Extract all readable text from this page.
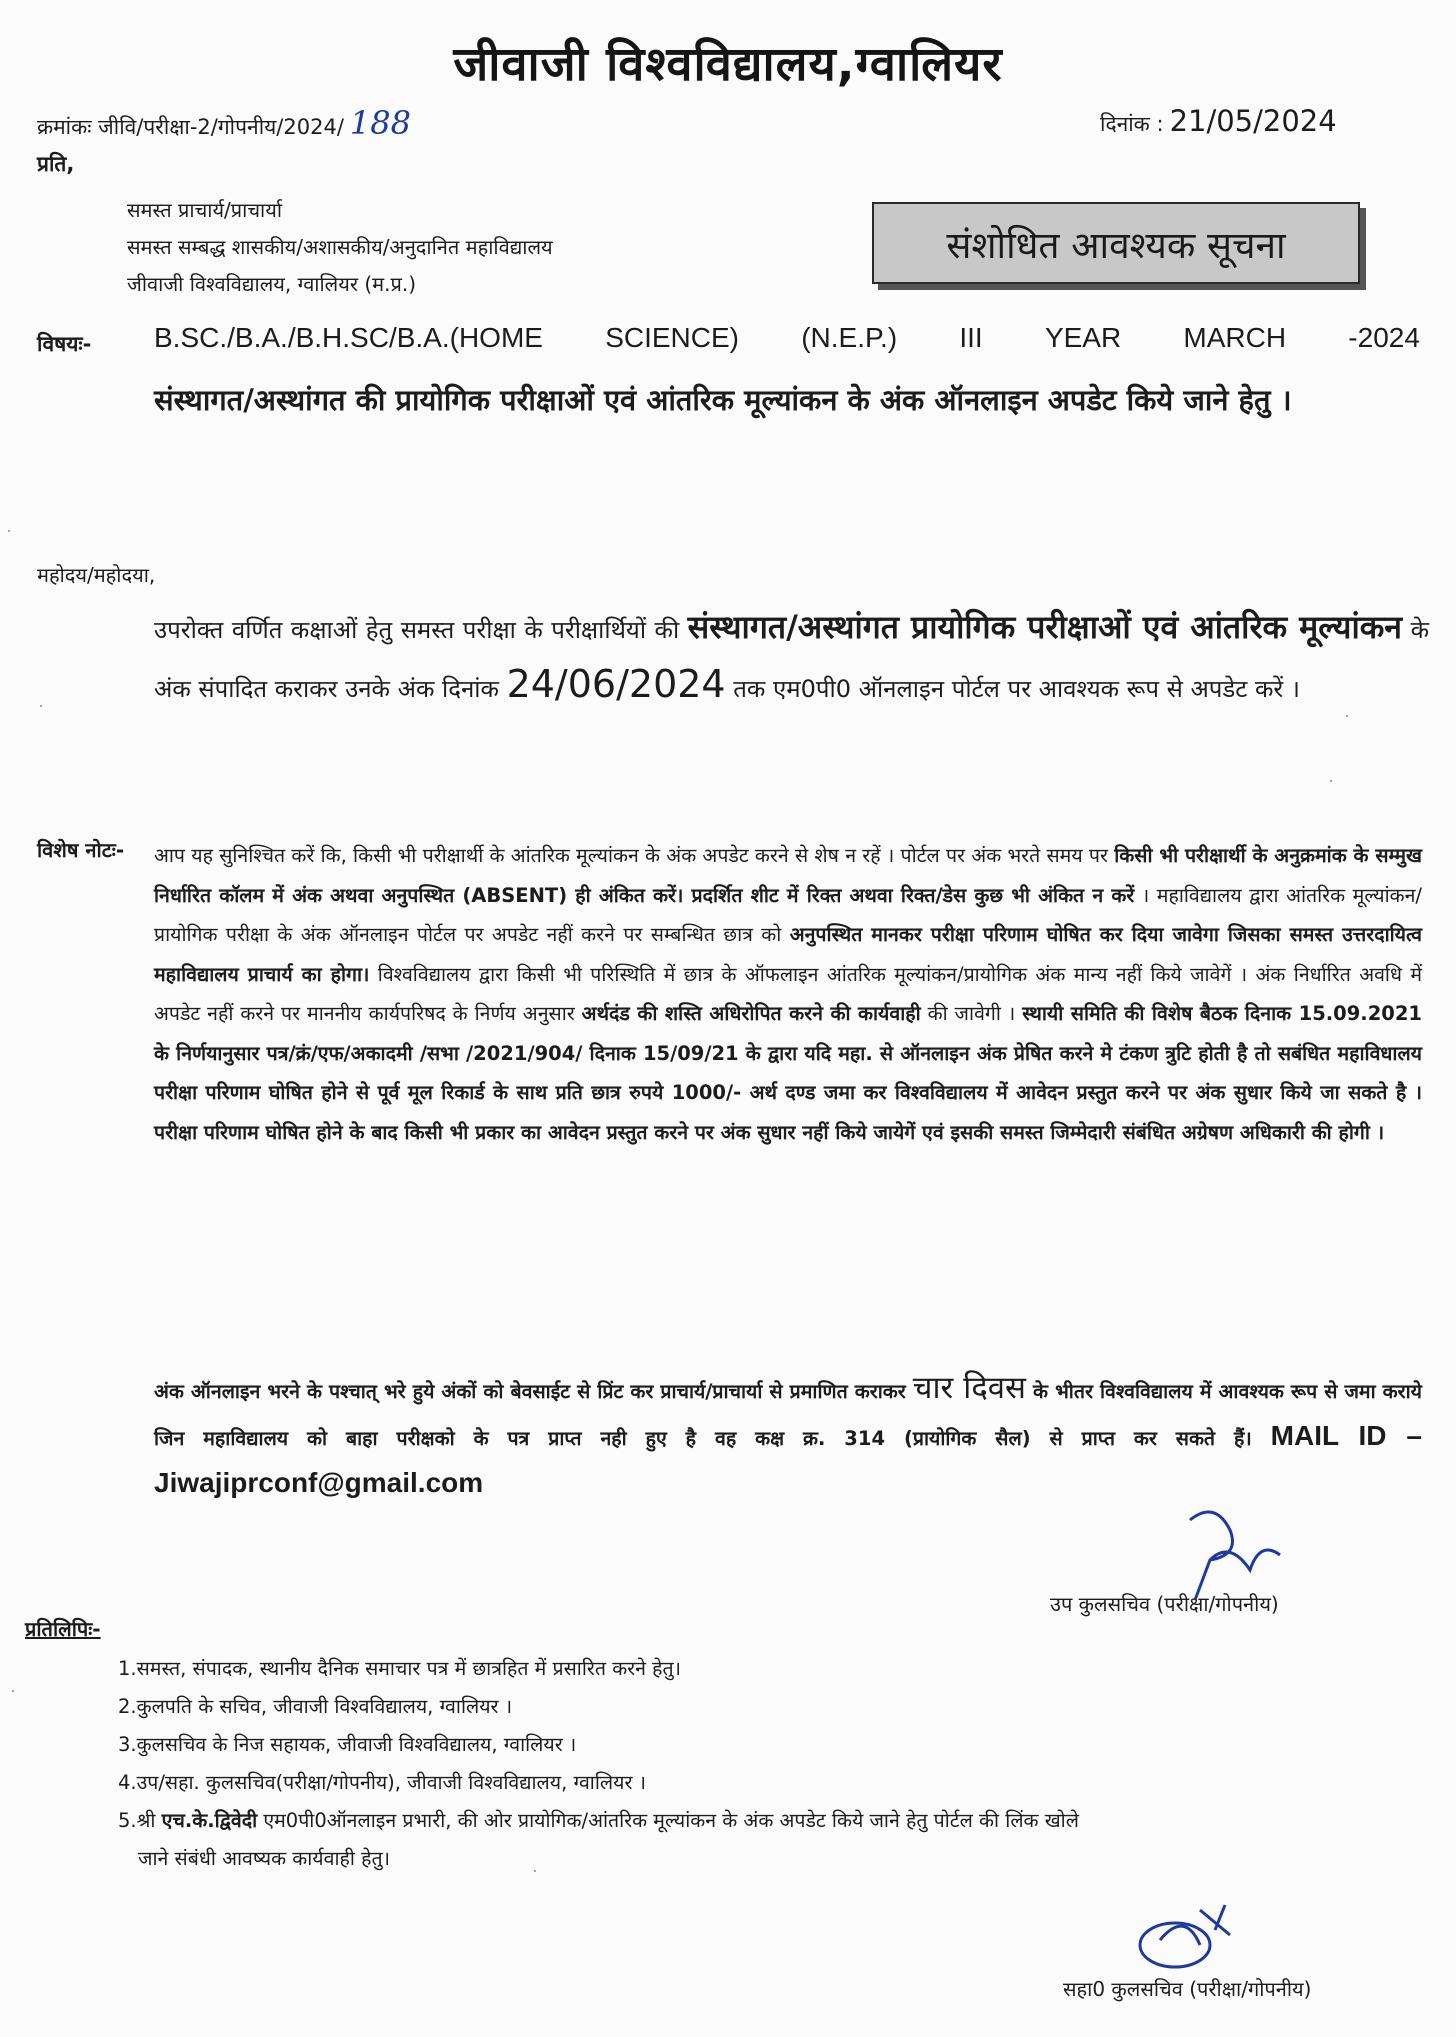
जीवाजी विश्वविद्यालय,ग्वालियर
क्रमांकः जीवि/परीक्षा-2/गोपनीय/2024/ 188	दिनांक : 21/05/2024
प्रति,
समस्त प्राचार्य/प्राचार्या
समस्त सम्बद्ध शासकीय/अशासकीय/अनुदानित महाविद्यालय
जीवाजी विश्वविद्यालय, ग्वालियर (म.प्र.)
संशोधित आवश्यक सूचना
विषयः- B.SC./B.A./B.H.SC/B.A.(HOME SCIENCE) (N.E.P.) III YEAR MARCH -2024
संस्थागत/अस्थांगत की प्रायोगिक परीक्षाओं एवं आंतरिक मूल्यांकन के अंक ऑनलाइन अपडेट किये जाने हेतु ।
महोदय/महोदया,
उपरोक्त वर्णित कक्षाओं हेतु समस्त परीक्षा के परीक्षार्थियों की संस्थागत/अस्थांगत प्रायोगिक परीक्षाओं एवं आंतरिक मूल्यांकन के अंक संपादित कराकर उनके अंक दिनांक 24/06/2024 तक एम0पी0 ऑनलाइन पोर्टल पर आवश्यक रूप से अपडेट करें ।
विशेष नोटः- आप यह सुनिश्चित करें कि, किसी भी परीक्षार्थी के आंतरिक मूल्यांकन के अंक अपडेट करने से शेष न रहें । पोर्टल पर अंक भरते समय पर किसी भी परीक्षार्थी के अनुक्रमांक के सम्मुख निर्धारित कॉलम में अंक अथवा अनुपस्थित (ABSENT) ही अंकित करें। प्रदर्शित शीट में रिक्त अथवा रिक्त/डेस कुछ भी अंकित न करें । महाविद्यालय द्वारा आंतरिक मूल्यांकन/प्रायोगिक परीक्षा के अंक ऑनलाइन पोर्टल पर अपडेट नहीं करने पर सम्बन्धित छात्र को अनुपस्थित मानकर परीक्षा परिणाम घोषित कर दिया जावेगा जिसका समस्त उत्तरदायित्व महाविद्यालय प्राचार्य का होगा। विश्वविद्यालय द्वारा किसी भी परिस्थिति में छात्र के ऑफलाइन आंतरिक मूल्यांकन/प्रायोगिक अंक मान्य नहीं किये जावेगें । अंक निर्धारित अवधि में अपडेट नहीं करने पर माननीय कार्यपरिषद के निर्णय अनुसार अर्थदंड की शस्ति अधिरोपित करने की कार्यवाही की जावेगी । स्थायी समिति की विशेष बैठक दिनाक 15.09.2021 के निर्णयानुसार पत्र/क्रं/एफ/अकादमी /सभा /2021/904/ दिनाक 15/09/21 के द्वारा यदि महा. से ऑनलाइन अंक प्रेषित करने मे टंकण त्रुटि होती है तो सबंधित महाविधालय परीक्षा परिणाम घोषित होने से पूर्व मूल रिकार्ड के साथ प्रति छात्र रुपये 1000/- अर्थ दण्ड जमा कर विश्वविद्यालय में आवेदन प्रस्तुत करने पर अंक सुधार किये जा सकते है । परीक्षा परिणाम घोषित होने के बाद किसी भी प्रकार का आवेदन प्रस्तुत करने पर अंक सुधार नहीं किये जायेगें एवं इसकी समस्त जिम्मेदारी संबंधित अग्रेषण अधिकारी की होगी ।
अंक ऑनलाइन भरने के पश्चात् भरे हुये अंकों को बेवसाईट से प्रिंट कर प्राचार्य/प्राचार्या से प्रमाणित कराकर चार दिवस के भीतर विश्वविद्यालय में आवश्यक रूप से जमा कराये जिन महाविद्यालय को बाहा परीक्षको के पत्र प्राप्त नही हुए है वह कक्ष क्र. 314 (प्रायोगिक सैल) से प्राप्त कर सकते हैं। MAIL ID – Jiwajiprconf@gmail.com
उप कुलसचिव (परीक्षा/गोपनीय)
प्रतिलिपिः-
1.समस्त, संपादक, स्थानीय दैनिक समाचार पत्र में छात्रहित में प्रसारित करने हेतु।
2.कुलपति के सचिव, जीवाजी विश्वविद्यालय, ग्वालियर ।
3.कुलसचिव के निज सहायक, जीवाजी विश्वविद्यालय, ग्वालियर ।
4.उप/सहा. कुलसचिव(परीक्षा/गोपनीय), जीवाजी विश्वविद्यालय, ग्वालियर ।
5.श्री एच.के.द्विवेदी एम0पी0ऑनलाइन प्रभारी, की ओर प्रायोगिक/आंतरिक मूल्यांकन के अंक अपडेट किये जाने हेतु पोर्टल की लिंक खोले
जाने संबंधी आवष्यक कार्यवाही हेतु।
सहा0 कुलसचिव (परीक्षा/गोपनीय)
